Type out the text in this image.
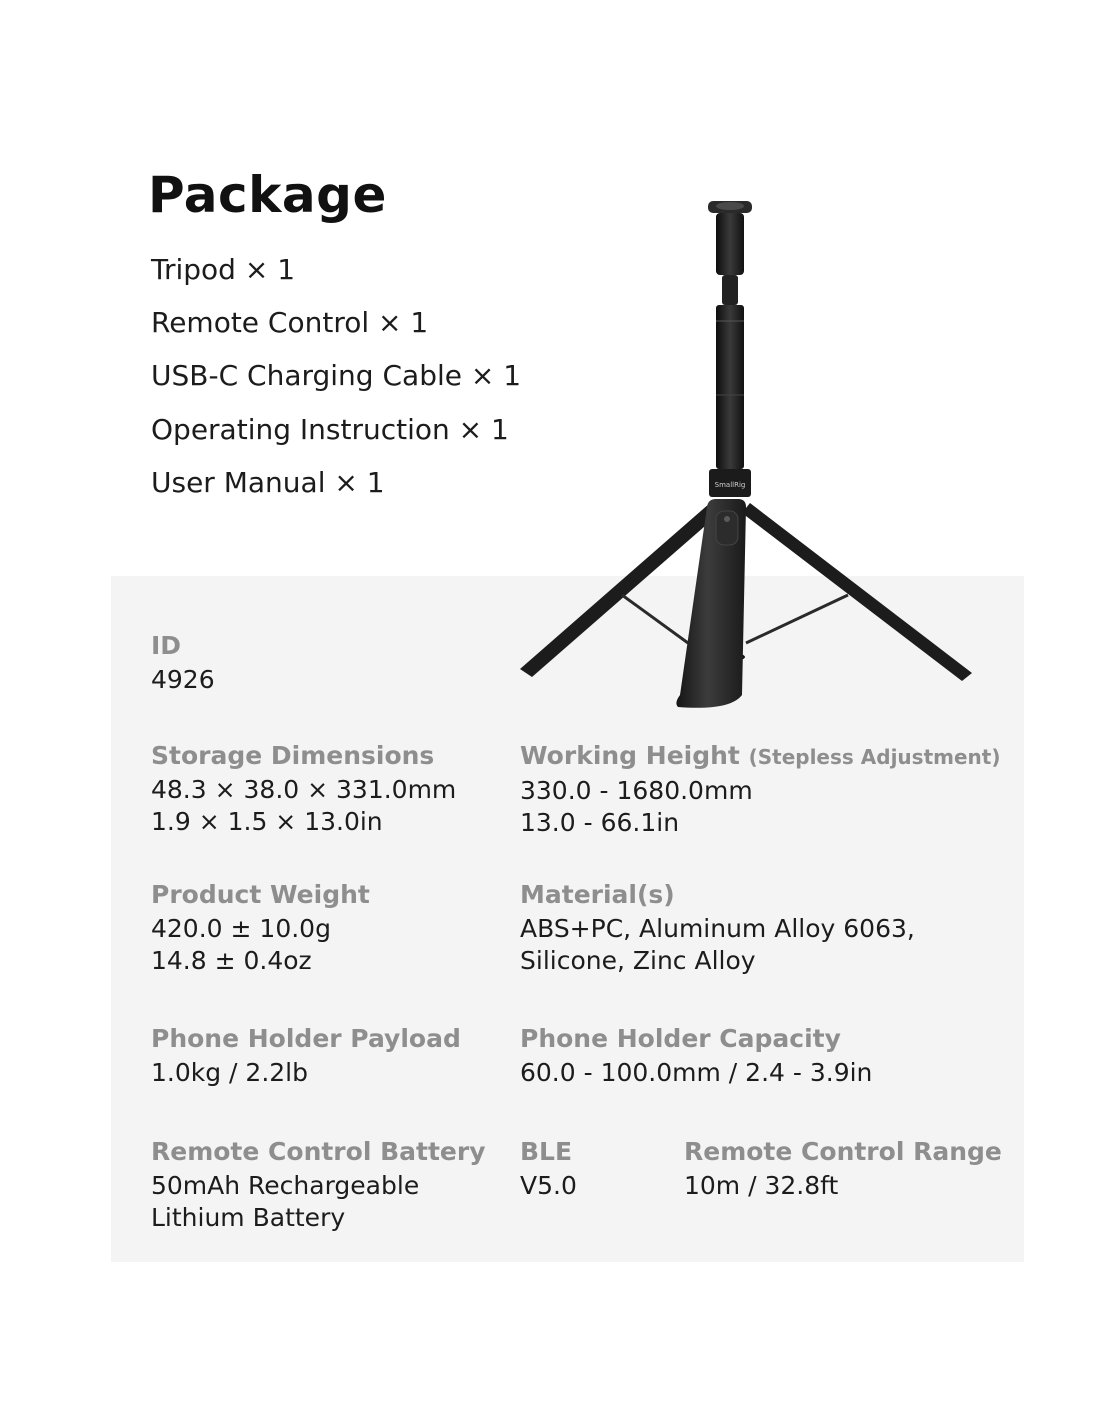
Package
Tripod × 1
Remote Control × 1
USB-C Charging Cable × 1
Operating Instruction × 1
User Manual × 1
ID
4926
Storage Dimensions
48.3 × 38.0 × 331.0mm
1.9 × 1.5 × 13.0in
Working Height (Stepless Adjustment)
330.0 - 1680.0mm
13.0 - 66.1in
Product Weight
420.0 ± 10.0g
14.8 ± 0.4oz
Material(s)
ABS+PC, Aluminum Alloy 6063,
Silicone, Zinc Alloy
Phone Holder Payload
1.0kg / 2.2lb
Phone Holder Capacity
60.0 - 100.0mm / 2.4 - 3.9in
Remote Control Battery
50mAh Rechargeable
Lithium Battery
BLE
V5.0
Remote Control Range
10m / 32.8ft
SmallRig
